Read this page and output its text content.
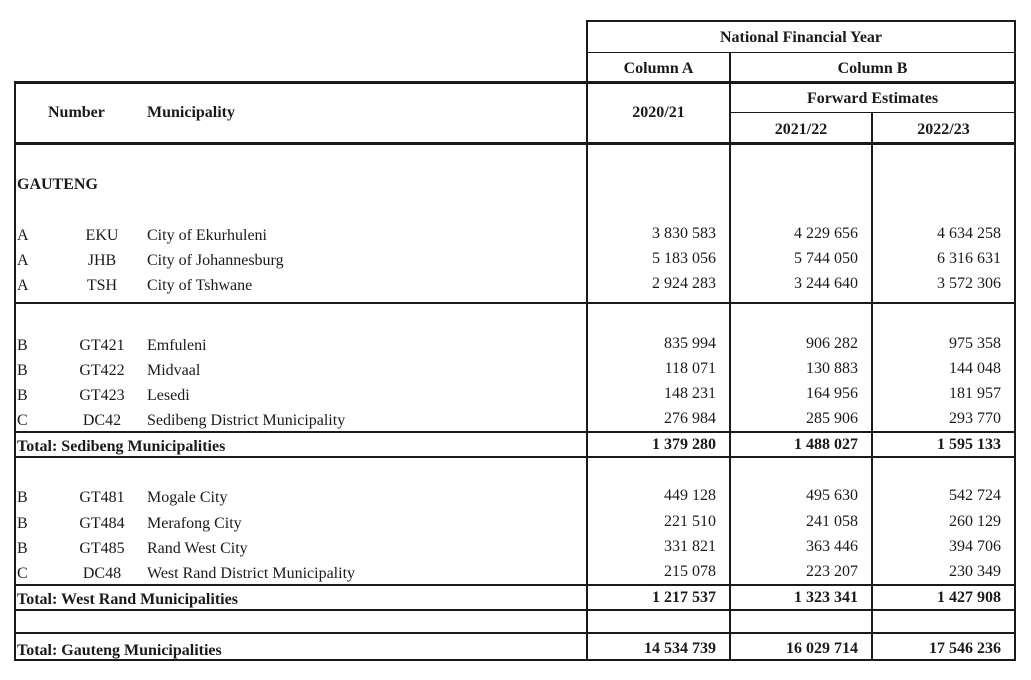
National Financial Year
Column A	Column B
Forward Estimates
Number	Municipality	2020/21
2021/22	2022/23
GAUTENG
A	EKU	City of Ekurhuleni	3 830 583	4 229 656	4 634 258
A	JHB	City of Johannesburg	5 183 056	5 744 050	6 316 631
A	TSH	City of Tshwane	2 924 283	3 244 640	3 572 306
B	GT421	Emfuleni	835 994	906 282	975 358
B	GT422	Midvaal	118 071	130 883	144 048
B	GT423	Lesedi	148 231	164 956	181 957
C	DC42	Sedibeng District Municipality	276 984	285 906	293 770
Total: Sedibeng Municipalities	1 379 280	1 488 027	1 595 133
B	GT481	Mogale City	449 128	495 630	542 724
B	GT484	Merafong City	221 510	241 058	260 129
B	GT485	Rand West City	331 821	363 446	394 706
C	DC48	West Rand District Municipality	215 078	223 207	230 349
Total: West Rand Municipalities	1 217 537	1 323 341	1 427 908
Total: Gauteng Municipalities	14 534 739	16 029 714	17 546 236
